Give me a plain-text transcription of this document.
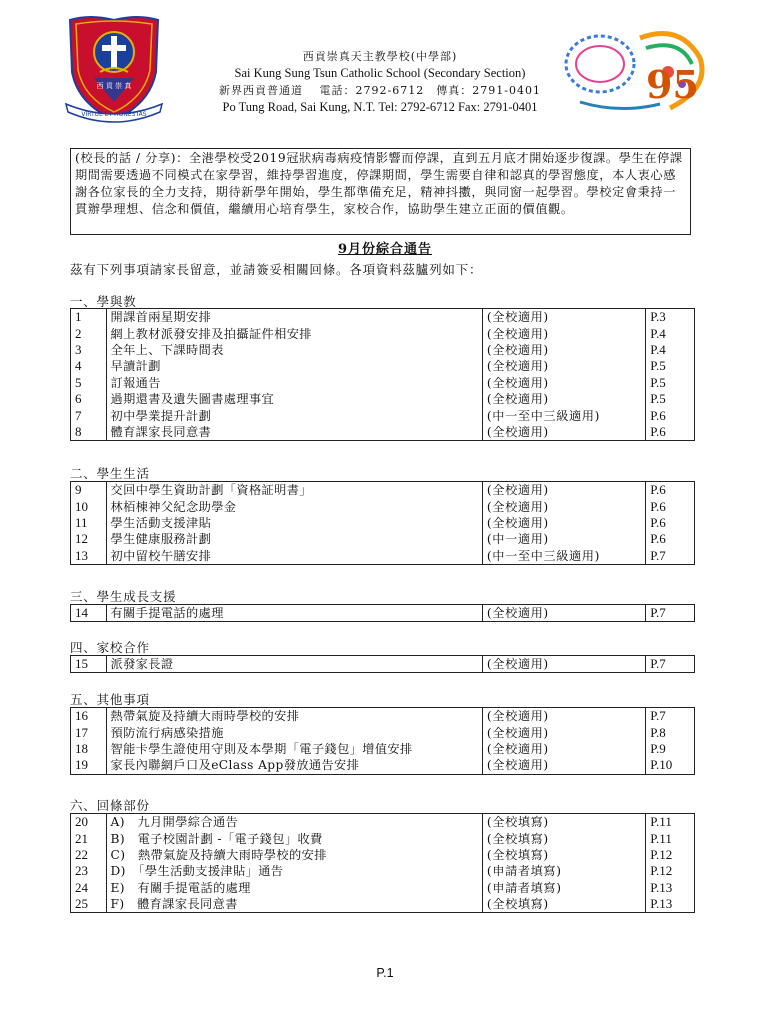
西 貢 崇 真
VIRTUE ET HONESTAS
西貢崇真天主教學校(中學部)
Sai Kung Sung Tsun Catholic School (Secondary Section)
新界西貢普通道　 電話：2792-6712　傳真：2791-0401
Po Tung Road, Sai Kung, N.T. Tel: 2792-6712 Fax: 2791-0401	95
(校長的話 / 分享)：全港學校受2019冠狀病毒病疫情影響而停課，直到五月底才開始逐步復課。學生在停課期間需要透過不同模式在家學習，維持學習進度，停課期間，學生需要自律和認真的學習態度，本人衷心感謝各位家長的全力支持，期待新學年開始，學生都準備充足，精神抖擻，與同窗一起學習。學校定會秉持一貫辦學理想、信念和價值，繼續用心培育學生，家校合作，協助學生建立正面的價值觀。
9月份綜合通告
茲有下列事項請家長留意，並請簽妥相關回條。各項資料茲臚列如下：
一、學與教
1	開課首兩星期安排	(全校適用)	P.3
2	網上教材派發安排及拍攝証件相安排	(全校適用)	P.4
3	全年上、下課時間表	(全校適用)	P.4
4	早讀計劃	(全校適用)	P.5
5	訂報通告	(全校適用)	P.5
6	過期還書及遺失圖書處理事宜	(全校適用)	P.5
7	初中學業提升計劃	(中一至中三級適用)	P.6
8	體育課家長同意書	(全校適用)	P.6
二、學生生活
9	交回中學生資助計劃「資格証明書」	(全校適用)	P.6
10	林栢棟神父紀念助學金	(全校適用)	P.6
11	學生活動支援津貼	(全校適用)	P.6
12	學生健康服務計劃	(中一適用)	P.6
13	初中留校午膳安排	(中一至中三級適用)	P.7
三、學生成長支援
14	有關手提電話的處理	(全校適用)	P.7
四、家校合作
15	派發家長證	(全校適用)	P.7
五、其他事項
16	熱帶氣旋及持續大雨時學校的安排	(全校適用)	P.7
17	預防流行病感染措施	(全校適用)	P.8
18	智能卡學生證使用守則及本學期「電子錢包」增值安排	(全校適用)	P.9
19	家長內聯網戶口及eClass App發放通告安排	(全校適用)	P.10
六、回條部份
20	A)　九月開學綜合通告	(全校填寫)	P.11
21	B)　電子校園計劃 -「電子錢包」收費	(全校填寫)	P.11
22	C)　熱帶氣旋及持續大雨時學校的安排	(全校填寫)	P.12
23	D)　「學生活動支援津貼」通告	(申請者填寫)	P.12
24	E)　有關手提電話的處理	(申請者填寫)	P.13
25	F)　體育課家長同意書	(全校填寫)	P.13
P.1
